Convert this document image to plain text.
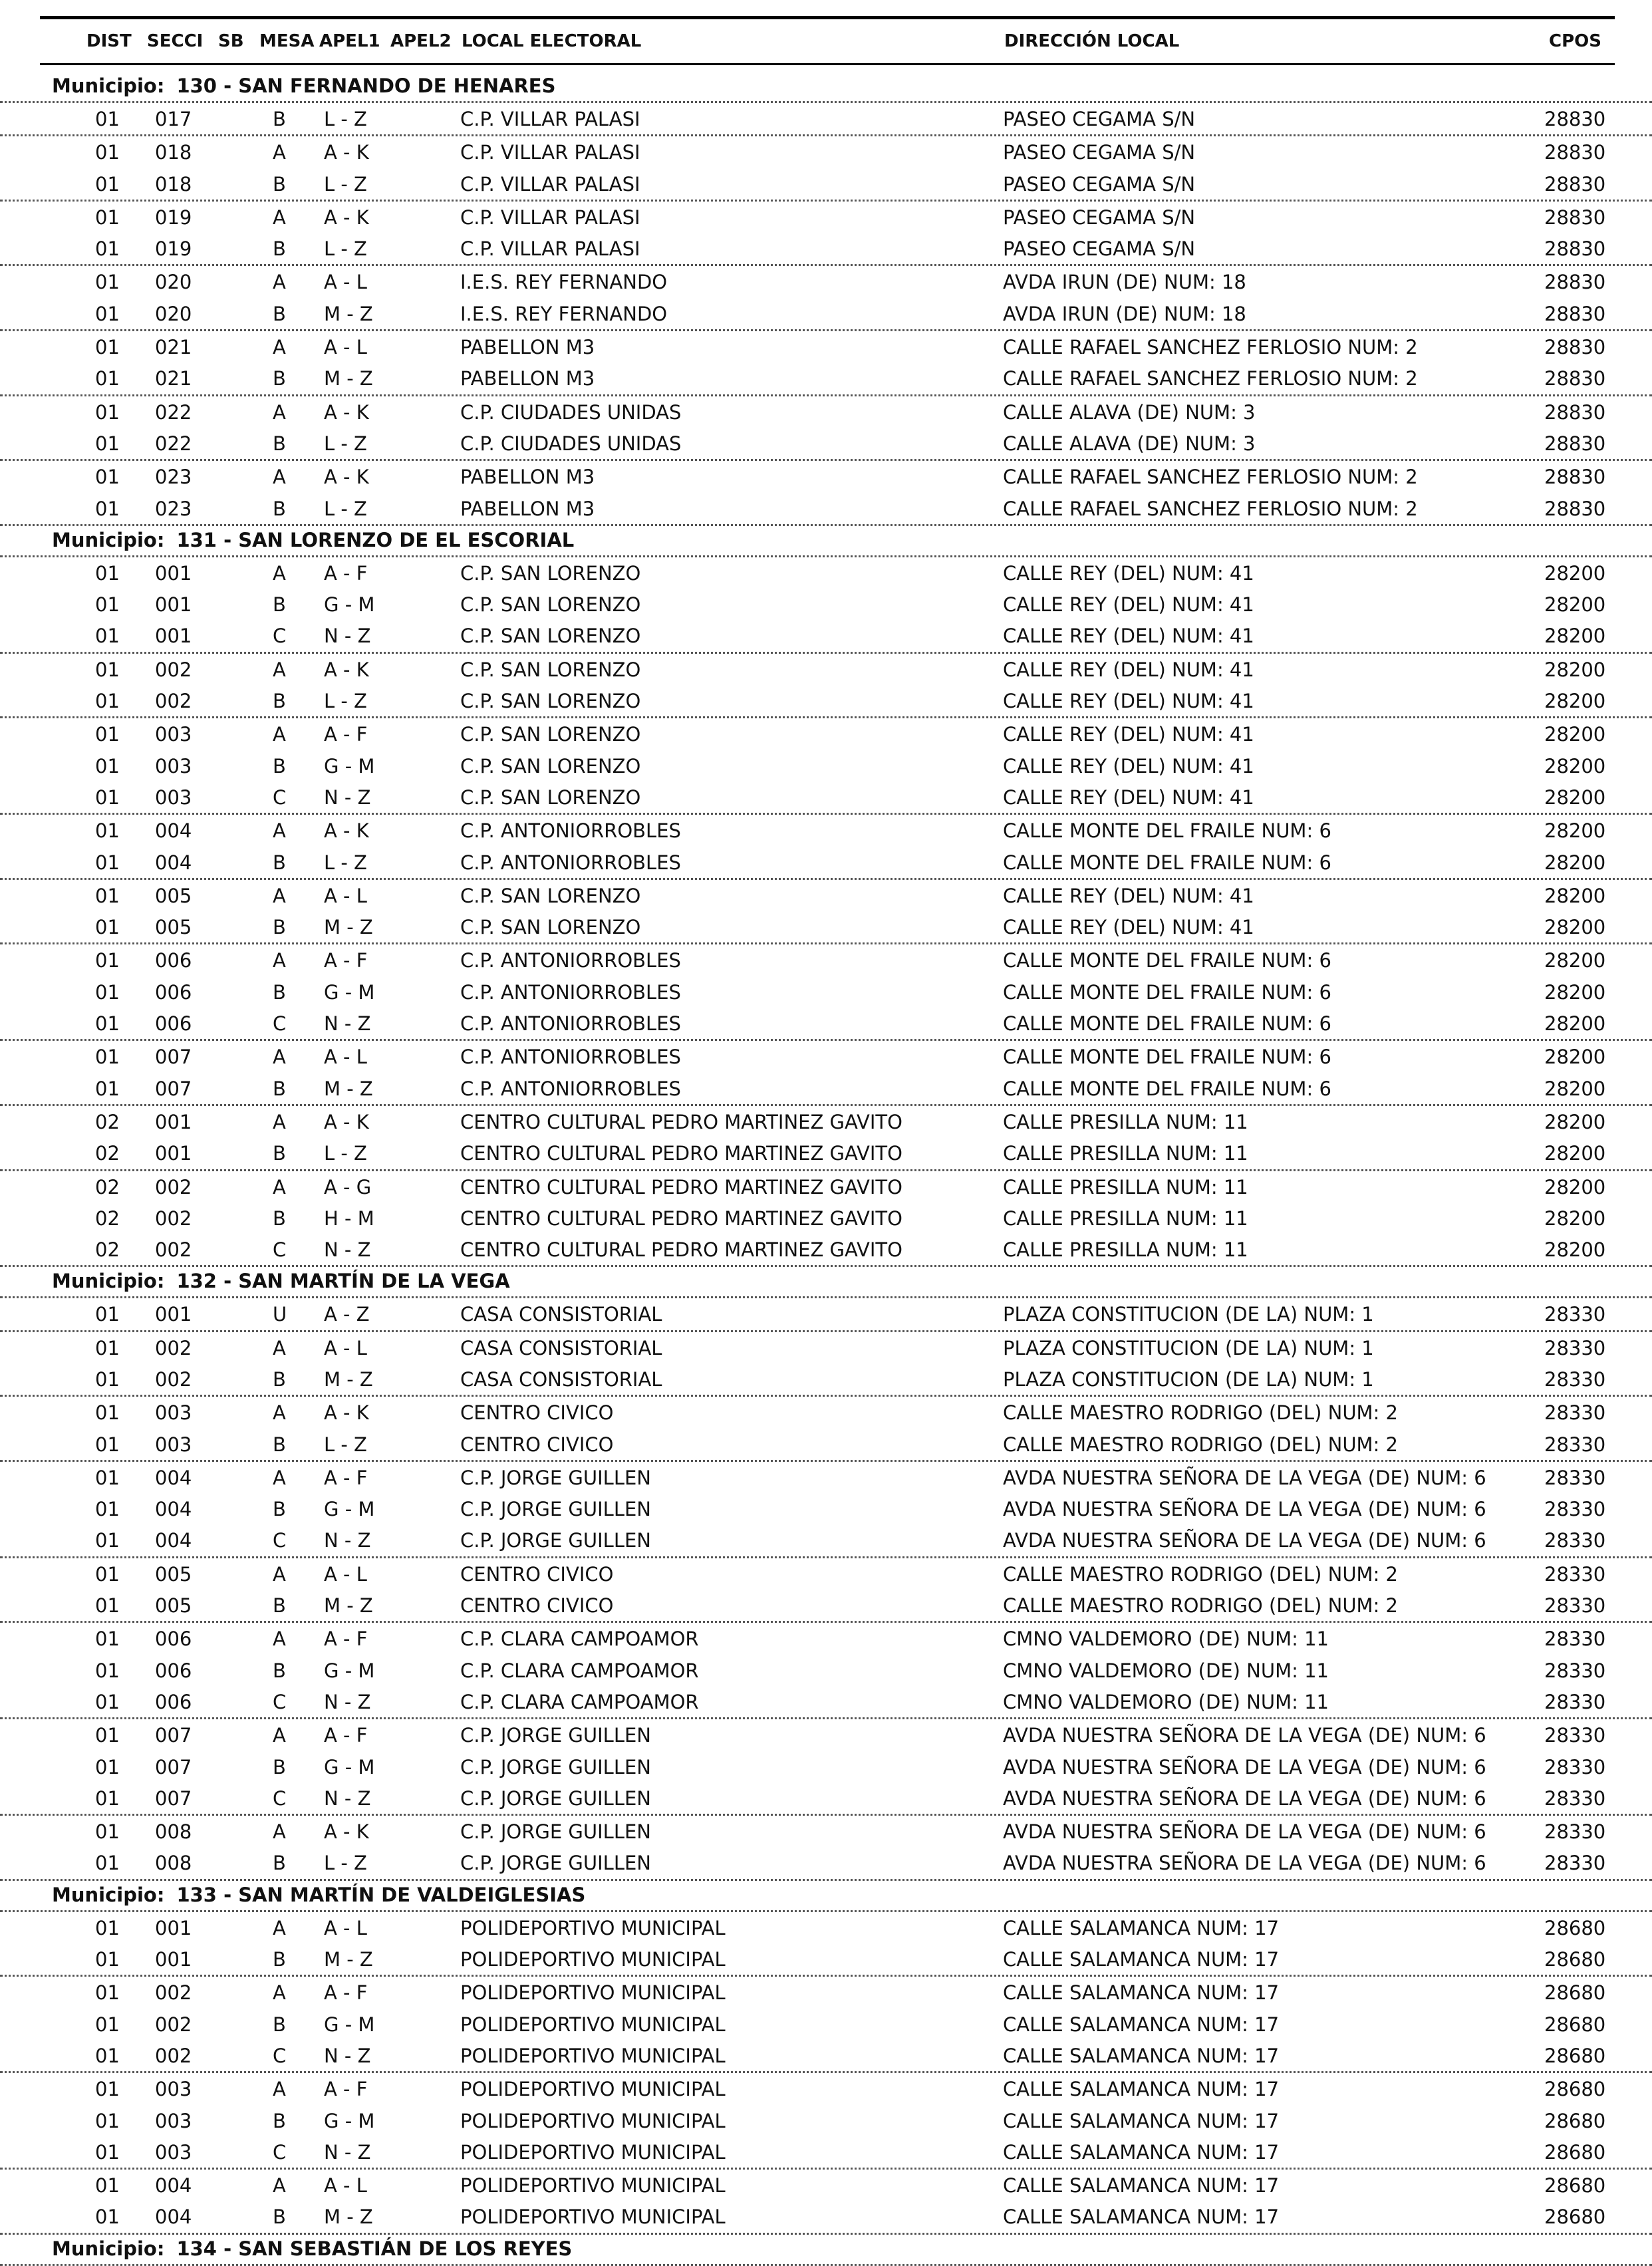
DIST SECCI SB MESA APEL1 APEL2 LOCAL ELECTORAL	DIRECCIÓN LOCAL	CPOS
Municipio: 130 - SAN FERNANDO DE HENARES
01 017	B L - Z	C.P. VILLAR PALASI	PASEO CEGAMA S/N	28830
01 018	A A - K	C.P. VILLAR PALASI	PASEO CEGAMA S/N	28830
01 018	B L - Z	C.P. VILLAR PALASI	PASEO CEGAMA S/N	28830
01 019	A A - K	C.P. VILLAR PALASI	PASEO CEGAMA S/N	28830
01 019	B L - Z	C.P. VILLAR PALASI	PASEO CEGAMA S/N	28830
01 020	A A - L	I.E.S. REY FERNANDO	AVDA IRUN (DE) NUM: 18	28830
01 020	B M - Z	I.E.S. REY FERNANDO	AVDA IRUN (DE) NUM: 18	28830
01 021	A A - L	PABELLON M3	CALLE RAFAEL SANCHEZ FERLOSIO NUM: 2	28830
01 021	B M - Z	PABELLON M3	CALLE RAFAEL SANCHEZ FERLOSIO NUM: 2	28830
01 022	A A - K	C.P. CIUDADES UNIDAS	CALLE ALAVA (DE) NUM: 3	28830
01 022	B L - Z	C.P. CIUDADES UNIDAS	CALLE ALAVA (DE) NUM: 3	28830
01 023	A A - K	PABELLON M3	CALLE RAFAEL SANCHEZ FERLOSIO NUM: 2	28830
01 023	B L - Z	PABELLON M3	CALLE RAFAEL SANCHEZ FERLOSIO NUM: 2	28830
Municipio: 131 - SAN LORENZO DE EL ESCORIAL
01 001	A A - F	C.P. SAN LORENZO	CALLE REY (DEL) NUM: 41	28200
01 001	B G - M	C.P. SAN LORENZO	CALLE REY (DEL) NUM: 41	28200
01 001	C N - Z	C.P. SAN LORENZO	CALLE REY (DEL) NUM: 41	28200
01 002	A A - K	C.P. SAN LORENZO	CALLE REY (DEL) NUM: 41	28200
01 002	B L - Z	C.P. SAN LORENZO	CALLE REY (DEL) NUM: 41	28200
01 003	A A - F	C.P. SAN LORENZO	CALLE REY (DEL) NUM: 41	28200
01 003	B G - M	C.P. SAN LORENZO	CALLE REY (DEL) NUM: 41	28200
01 003	C N - Z	C.P. SAN LORENZO	CALLE REY (DEL) NUM: 41	28200
01 004	A A - K	C.P. ANTONIORROBLES	CALLE MONTE DEL FRAILE NUM: 6	28200
01 004	B L - Z	C.P. ANTONIORROBLES	CALLE MONTE DEL FRAILE NUM: 6	28200
01 005	A A - L	C.P. SAN LORENZO	CALLE REY (DEL) NUM: 41	28200
01 005	B M - Z	C.P. SAN LORENZO	CALLE REY (DEL) NUM: 41	28200
01 006	A A - F	C.P. ANTONIORROBLES	CALLE MONTE DEL FRAILE NUM: 6	28200
01 006	B G - M	C.P. ANTONIORROBLES	CALLE MONTE DEL FRAILE NUM: 6	28200
01 006	C N - Z	C.P. ANTONIORROBLES	CALLE MONTE DEL FRAILE NUM: 6	28200
01 007	A A - L	C.P. ANTONIORROBLES	CALLE MONTE DEL FRAILE NUM: 6	28200
01 007	B M - Z	C.P. ANTONIORROBLES	CALLE MONTE DEL FRAILE NUM: 6	28200
02 001	A A - K	CENTRO CULTURAL PEDRO MARTINEZ GAVITO	CALLE PRESILLA NUM: 11	28200
02 001	B L - Z	CENTRO CULTURAL PEDRO MARTINEZ GAVITO	CALLE PRESILLA NUM: 11	28200
02 002	A A - G	CENTRO CULTURAL PEDRO MARTINEZ GAVITO	CALLE PRESILLA NUM: 11	28200
02 002	B H - M	CENTRO CULTURAL PEDRO MARTINEZ GAVITO	CALLE PRESILLA NUM: 11	28200
02 002	C N - Z	CENTRO CULTURAL PEDRO MARTINEZ GAVITO	CALLE PRESILLA NUM: 11	28200
Municipio: 132 - SAN MARTÍN DE LA VEGA
01 001	U A - Z	CASA CONSISTORIAL	PLAZA CONSTITUCION (DE LA) NUM: 1	28330
01 002	A A - L	CASA CONSISTORIAL	PLAZA CONSTITUCION (DE LA) NUM: 1	28330
01 002	B M - Z	CASA CONSISTORIAL	PLAZA CONSTITUCION (DE LA) NUM: 1	28330
01 003	A A - K	CENTRO CIVICO	CALLE MAESTRO RODRIGO (DEL) NUM: 2	28330
01 003	B L - Z	CENTRO CIVICO	CALLE MAESTRO RODRIGO (DEL) NUM: 2	28330
01 004	A A - F	C.P. JORGE GUILLEN	AVDA NUESTRA SEÑORA DE LA VEGA (DE) NUM: 6	28330
01 004	B G - M	C.P. JORGE GUILLEN	AVDA NUESTRA SEÑORA DE LA VEGA (DE) NUM: 6	28330
01 004	C N - Z	C.P. JORGE GUILLEN	AVDA NUESTRA SEÑORA DE LA VEGA (DE) NUM: 6	28330
01 005	A A - L	CENTRO CIVICO	CALLE MAESTRO RODRIGO (DEL) NUM: 2	28330
01 005	B M - Z	CENTRO CIVICO	CALLE MAESTRO RODRIGO (DEL) NUM: 2	28330
01 006	A A - F	C.P. CLARA CAMPOAMOR	CMNO VALDEMORO (DE) NUM: 11	28330
01 006	B G - M	C.P. CLARA CAMPOAMOR	CMNO VALDEMORO (DE) NUM: 11	28330
01 006	C N - Z	C.P. CLARA CAMPOAMOR	CMNO VALDEMORO (DE) NUM: 11	28330
01 007	A A - F	C.P. JORGE GUILLEN	AVDA NUESTRA SEÑORA DE LA VEGA (DE) NUM: 6	28330
01 007	B G - M	C.P. JORGE GUILLEN	AVDA NUESTRA SEÑORA DE LA VEGA (DE) NUM: 6	28330
01 007	C N - Z	C.P. JORGE GUILLEN	AVDA NUESTRA SEÑORA DE LA VEGA (DE) NUM: 6	28330
01 008	A A - K	C.P. JORGE GUILLEN	AVDA NUESTRA SEÑORA DE LA VEGA (DE) NUM: 6	28330
01 008	B L - Z	C.P. JORGE GUILLEN	AVDA NUESTRA SEÑORA DE LA VEGA (DE) NUM: 6	28330
Municipio: 133 - SAN MARTÍN DE VALDEIGLESIAS
01 001	A A - L	POLIDEPORTIVO MUNICIPAL	CALLE SALAMANCA NUM: 17	28680
01 001	B M - Z	POLIDEPORTIVO MUNICIPAL	CALLE SALAMANCA NUM: 17	28680
01 002	A A - F	POLIDEPORTIVO MUNICIPAL	CALLE SALAMANCA NUM: 17	28680
01 002	B G - M	POLIDEPORTIVO MUNICIPAL	CALLE SALAMANCA NUM: 17	28680
01 002	C N - Z	POLIDEPORTIVO MUNICIPAL	CALLE SALAMANCA NUM: 17	28680
01 003	A A - F	POLIDEPORTIVO MUNICIPAL	CALLE SALAMANCA NUM: 17	28680
01 003	B G - M	POLIDEPORTIVO MUNICIPAL	CALLE SALAMANCA NUM: 17	28680
01 003	C N - Z	POLIDEPORTIVO MUNICIPAL	CALLE SALAMANCA NUM: 17	28680
01 004	A A - L	POLIDEPORTIVO MUNICIPAL	CALLE SALAMANCA NUM: 17	28680
01 004	B M - Z	POLIDEPORTIVO MUNICIPAL	CALLE SALAMANCA NUM: 17	28680
Municipio: 134 - SAN SEBASTIÁN DE LOS REYES
